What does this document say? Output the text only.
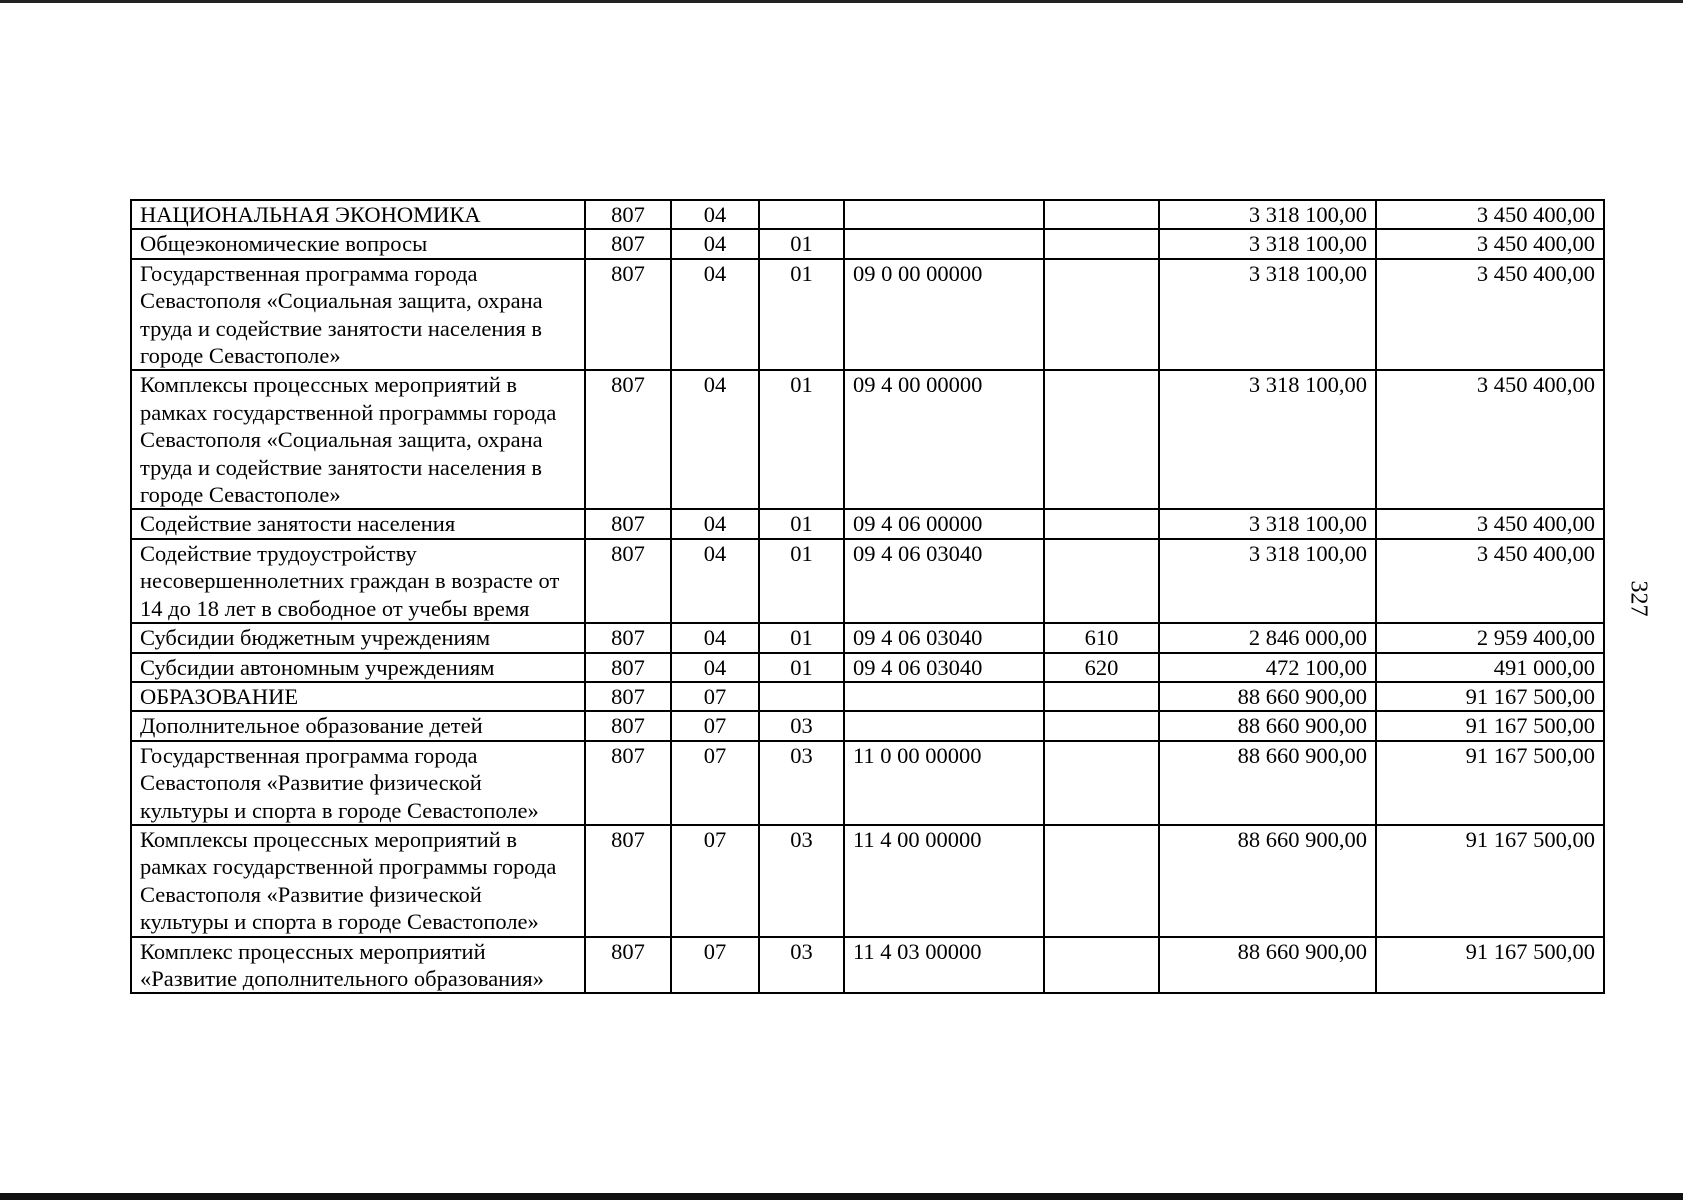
НАЦИОНАЛЬНАЯ ЭКОНОМИКА	807	04				3 318 100,00	3 450 400,00
Общеэкономические вопросы	807	04	01			3 318 100,00	3 450 400,00
Государственная программа города Севастополя «Социальная защита, охрана труда и содействие занятости населения в городе Севастополе»	807	04	01	09 0 00 00000		3 318 100,00	3 450 400,00
Комплексы процессных мероприятий в рамках государственной программы города Севастополя «Социальная защита, охрана труда и содействие занятости населения в городе Севастополе»	807	04	01	09 4 00 00000		3 318 100,00	3 450 400,00
Содействие занятости населения	807	04	01	09 4 06 00000		3 318 100,00	3 450 400,00
Содействие трудоустройству несовершеннолетних граждан в возрасте от 14 до 18 лет в свободное от учебы время	807	04	01	09 4 06 03040		3 318 100,00	3 450 400,00
Субсидии бюджетным учреждениям	807	04	01	09 4 06 03040	610	2 846 000,00	2 959 400,00
Субсидии автономным учреждениям	807	04	01	09 4 06 03040	620	472 100,00	491 000,00
ОБРАЗОВАНИЕ	807	07				88 660 900,00	91 167 500,00
Дополнительное образование детей	807	07	03			88 660 900,00	91 167 500,00
Государственная программа города Севастополя «Развитие физической культуры и спорта в городе Севастополе»	807	07	03	11 0 00 00000		88 660 900,00	91 167 500,00
Комплексы процессных мероприятий в рамках государственной программы города Севастополя «Развитие физической культуры и спорта в городе Севастополе»	807	07	03	11 4 00 00000		88 660 900,00	91 167 500,00
Комплекс процессных мероприятий «Развитие дополнительного образования»	807	07	03	11 4 03 00000		88 660 900,00	91 167 500,00
327
